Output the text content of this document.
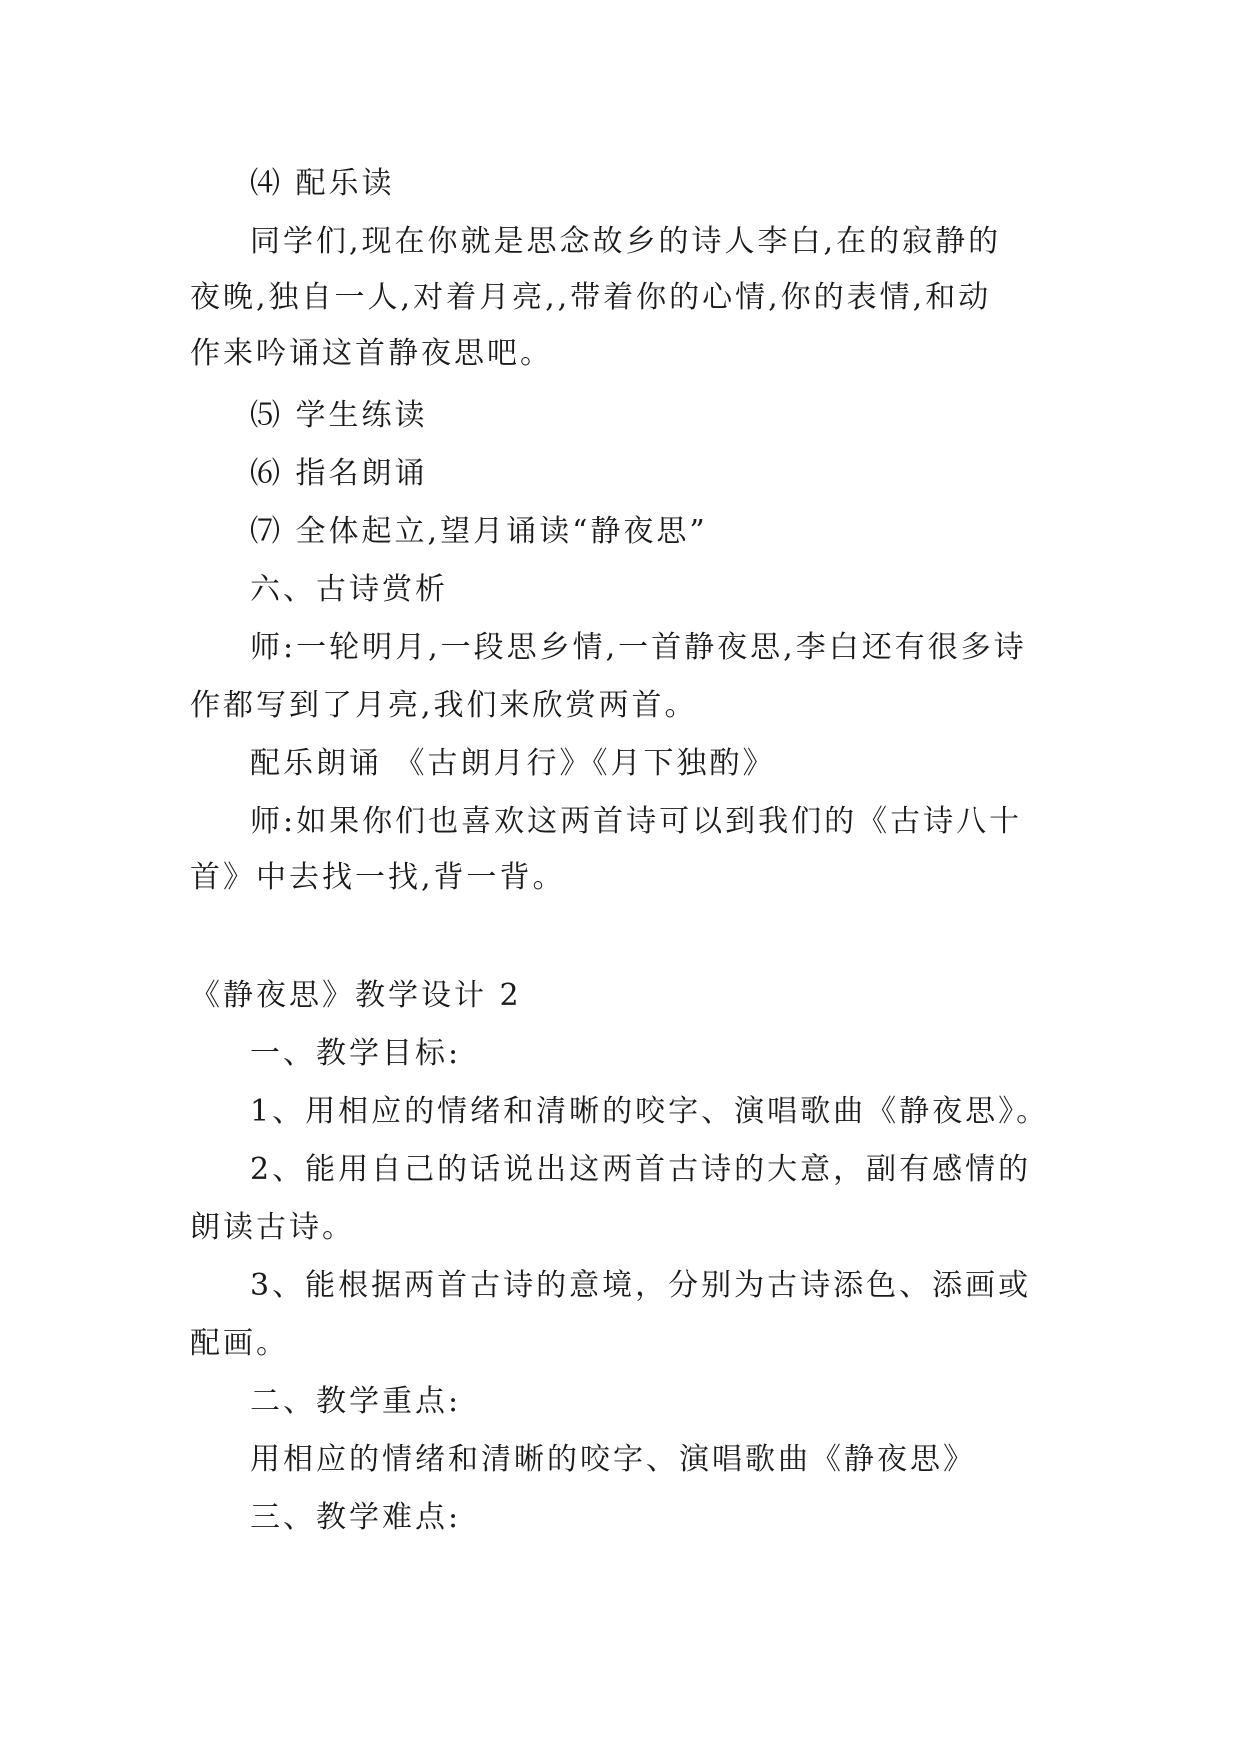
⑷ 配乐读
同学们,现在你就是思念故乡的诗人李白,在的寂静的
夜晚,独自一人,对着月亮,,带着你的心情,你的表情,和动
作来吟诵这首静夜思吧。
⑸ 学生练读
⑹ 指名朗诵
⑺ 全体起立,望月诵读“静夜思”
六、古诗赏析
师:一轮明月,一段思乡情,一首静夜思,李白还有很多诗
作都写到了月亮,我们来欣赏两首。
配乐朗诵 《古朗月行》《月下独酌》
师:如果你们也喜欢这两首诗可以到我们的《古诗八十
首》中去找一找,背一背。
《静夜思》教学设计 2
一、教学目标:
1、用相应的情绪和清晰的咬字、演唱歌曲《静夜思》。
2、能用自己的话说出这两首古诗的大意，副有感情的
朗读古诗。
3、能根据两首古诗的意境，分别为古诗添色、添画或
配画。
二、教学重点:
用相应的情绪和清晰的咬字、演唱歌曲《静夜思》
三、教学难点:
